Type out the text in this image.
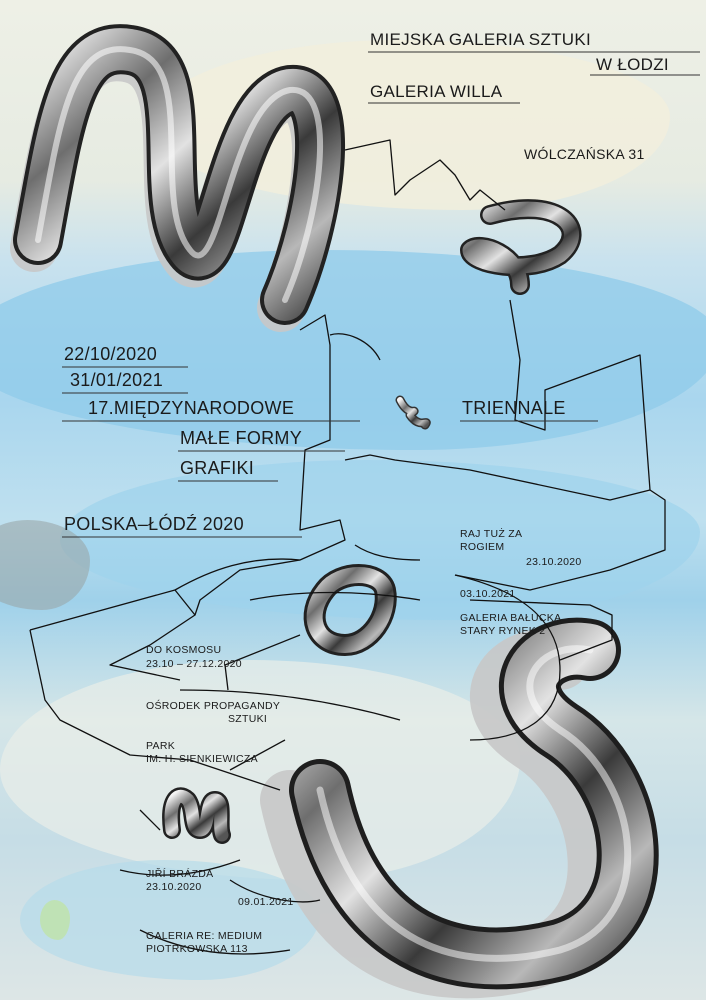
MIEJSKA GALERIA SZTUKI
W ŁODZI
GALERIA WILLA
WÓLCZAŃSKA 31
22/10/2020
31/01/2021
17.MIĘDZYNARODOWE	TRIENNALE
MAŁE FORMY
GRAFIKI
POLSKA–ŁÓDŹ 2020	RAJ TUŻ ZA
ROGIEM
23.10.2020
03.10.2021
GALERIA BAŁUCKA
STARY RYNEK 2
DO KOSMOSU
23.10 – 27.12.2020
OŚRODEK PROPAGANDY
SZTUKI
PARK
IM. H. SIENKIEWICZA
JIŘÍ BRÁZDA
23.10.2020
09.01.2021
GALERIA RE: MEDIUM
PIOTRKOWSKA 113
